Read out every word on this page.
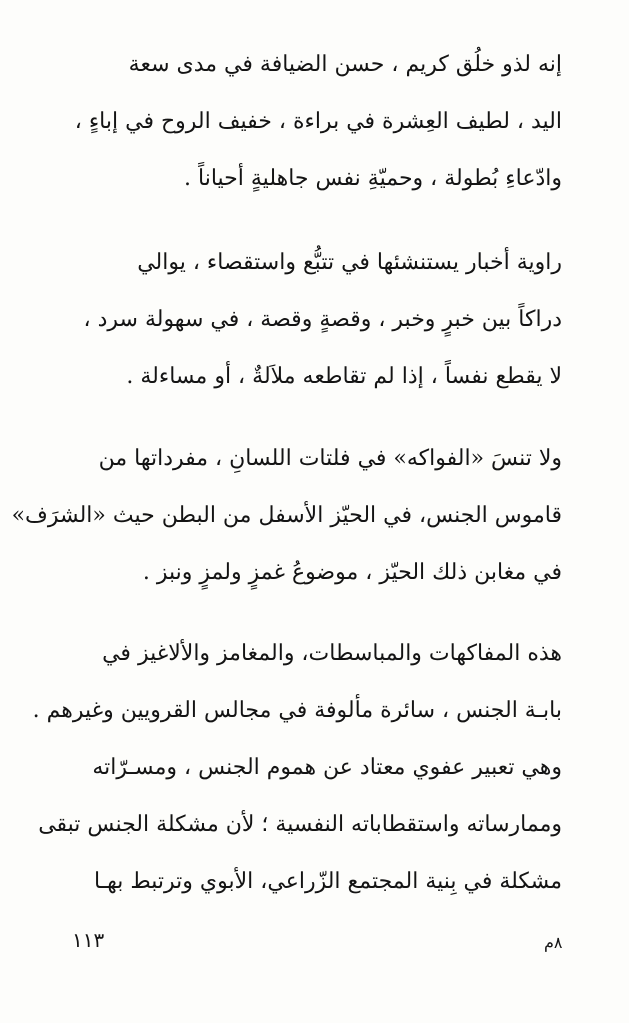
إنه لذو خلُق كريم ، حسن الضيافة في مدى سعة
اليد ، لطيف العِشرة في براءة ، خفيف الروح في إباءٍ ،
وادّعاءِ بُطولة ، وحميّةِ نفس جاهليةٍ أحياناً .
راوية أخبار يستنشئها في تتبُّع واستقصاء ، يوالي
دراكاً بين خبرٍ وخبر ، وقصةٍ وقصة ، في سهولة سرد ،
لا يقطع نفساً ، إذا لم تقاطعه ملاَلةٌ ، أو مساءلة .
ولا تنسَ «الفواكه» في فلتات اللسانِ ، مفرداتها من
قاموس الجنس، في الحيّز الأسفل من البطن حيث «الشرَف»
في مغابن ذلك الحيّز ، موضوعُ غمزٍ ولمزٍ ونبز .
هذه المفاكهات والمباسطات، والمغامز والألاغيز في
بابـة الجنس ، سائرة مألوفة في مجالس القرويين وغيرهم .
وهي تعبير عفوي معتاد عن هموم الجنس ، ومسـرّاته
وممارساته واستقطاباته النفسية ؛ لأن مشكلة الجنس تبقى
مشكلة في بِنية المجتمع الزّراعي، الأبوي وترتبط بهـا
١١٣	٨م
